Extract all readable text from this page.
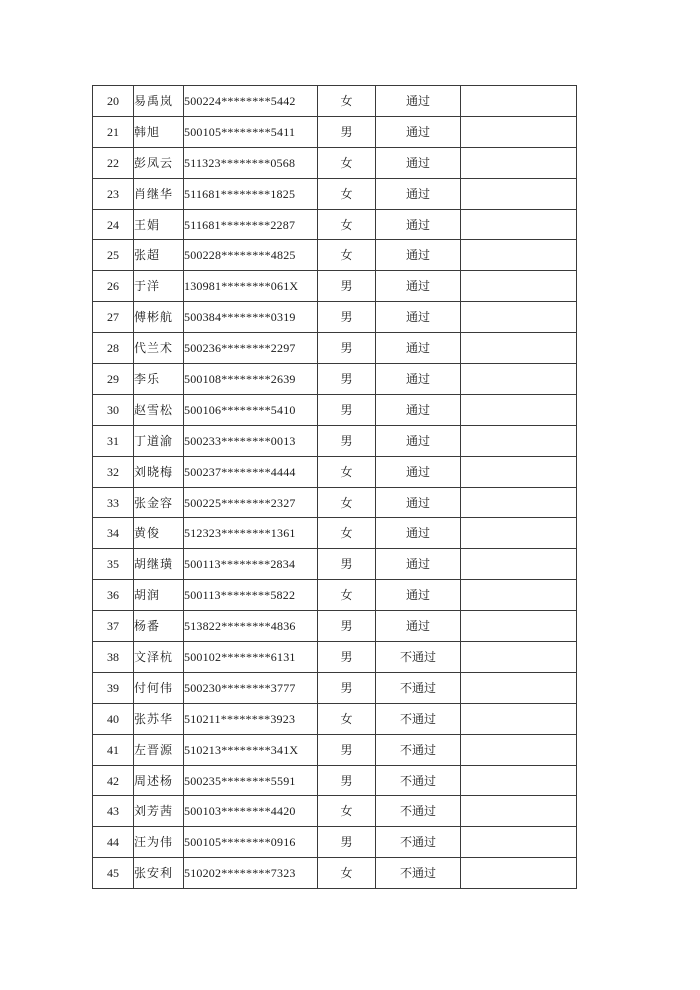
20	易禹岚	500224********5442	女	通过	
21	韩旭	500105********5411	男	通过	
22	彭凤云	511323********0568	女	通过	
23	肖继华	511681********1825	女	通过	
24	王娟	511681********2287	女	通过	
25	张超	500228********4825	女	通过	
26	于洋	130981********061X	男	通过	
27	傅彬航	500384********0319	男	通过	
28	代兰术	500236********2297	男	通过	
29	李乐	500108********2639	男	通过	
30	赵雪松	500106********5410	男	通过	
31	丁道渝	500233********0013	男	通过	
32	刘晓梅	500237********4444	女	通过	
33	张金容	500225********2327	女	通过	
34	黄俊	512323********1361	女	通过	
35	胡继璜	500113********2834	男	通过	
36	胡润	500113********5822	女	通过	
37	杨番	513822********4836	男	通过	
38	文泽杭	500102********6131	男	不通过	
39	付何伟	500230********3777	男	不通过	
40	张苏华	510211********3923	女	不通过	
41	左晋源	510213********341X	男	不通过	
42	周述杨	500235********5591	男	不通过	
43	刘芳茜	500103********4420	女	不通过	
44	汪为伟	500105********0916	男	不通过	
45	张安利	510202********7323	女	不通过	
